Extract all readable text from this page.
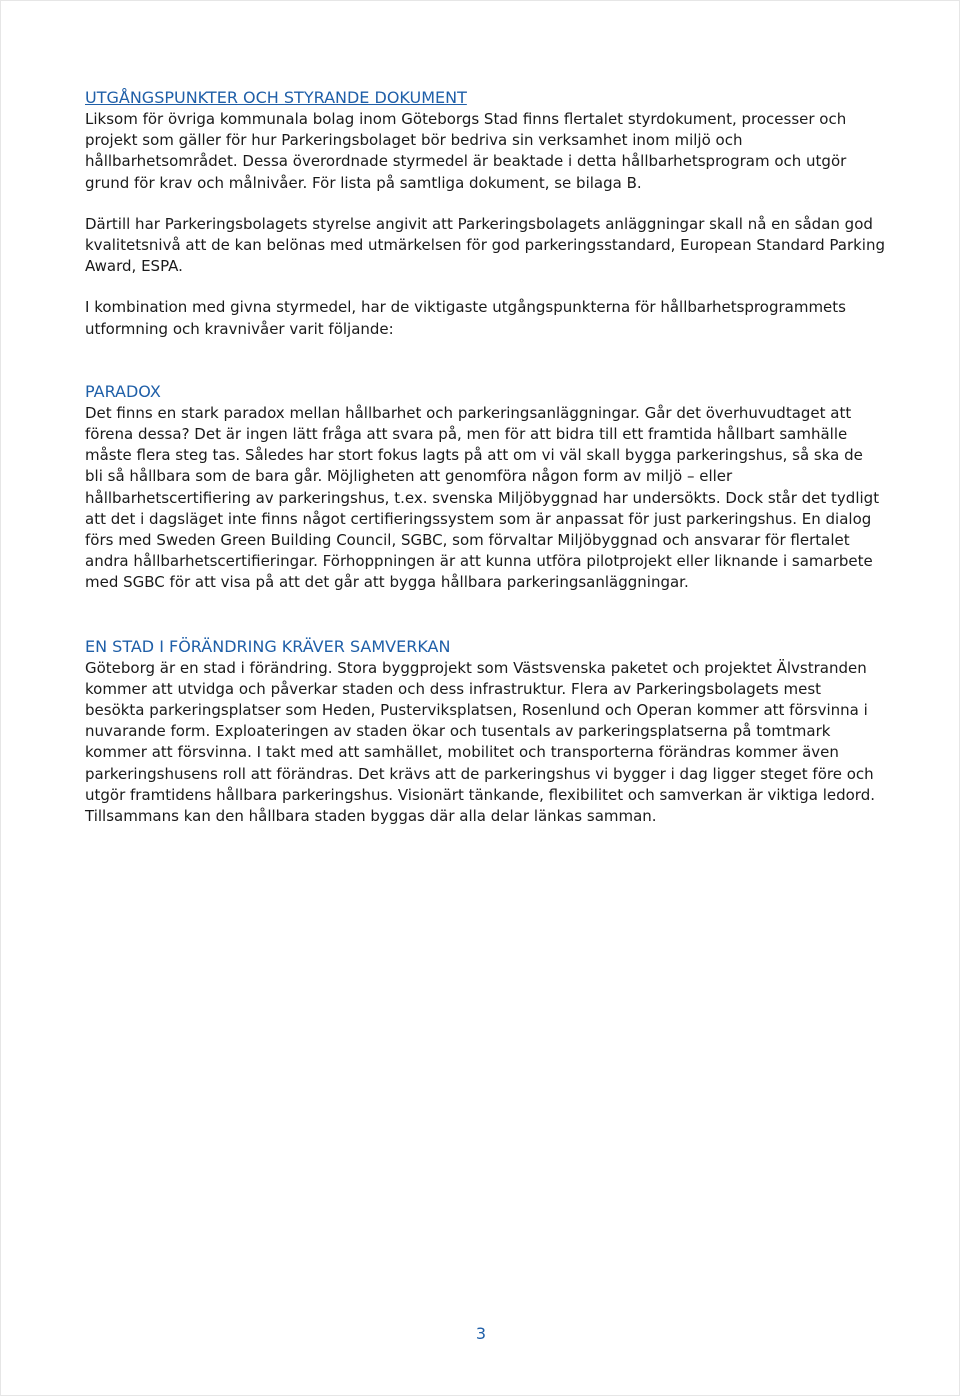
UTGÅNGSPUNKTER OCH STYRANDE DOKUMENT

Liksom för övriga kommunala bolag inom Göteborgs Stad finns flertalet styrdokument, processer och projekt som gäller för hur Parkeringsbolaget bör bedriva sin verksamhet inom miljö och hållbarhetsområdet. Dessa överordnade styrmedel är beaktade i detta hållbarhetsprogram och utgör grund för krav och målnivåer. För lista på samtliga dokument, se bilaga B.

Därtill har Parkeringsbolagets styrelse angivit att Parkeringsbolagets anläggningar skall nå en sådan god kvalitetsnivå att de kan belönas med utmärkelsen för god parkeringsstandard, European Standard Parking Award, ESPA.

I kombination med givna styrmedel, har de viktigaste utgångspunkterna för hållbarhetsprogrammets utformning och kravnivåer varit följande:

PARADOX

Det finns en stark paradox mellan hållbarhet och parkeringsanläggningar. Går det överhuvudtaget att förena dessa? Det är ingen lätt fråga att svara på, men för att bidra till ett framtida hållbart samhälle måste flera steg tas. Således har stort fokus lagts på att om vi väl skall bygga parkeringshus, så ska de bli så hållbara som de bara går. Möjligheten att genomföra någon form av miljö – eller hållbarhetscertifiering av parkeringshus, t.ex. svenska Miljöbyggnad har undersökts. Dock står det tydligt att det i dagsläget inte finns något certifieringssystem som är anpassat för just parkeringshus. En dialog förs med Sweden Green Building Council, SGBC, som förvaltar Miljöbyggnad och ansvarar för flertalet andra hållbarhetscertifieringar. Förhoppningen är att kunna utföra pilotprojekt eller liknande i samarbete med SGBC för att visa på att det går att bygga hållbara parkeringsanläggningar.

EN STAD I FÖRÄNDRING KRÄVER SAMVERKAN

Göteborg är en stad i förändring. Stora byggprojekt som Västsvenska paketet och projektet Älvstranden kommer att utvidga och påverkar staden och dess infrastruktur. Flera av Parkeringsbolagets mest besökta parkeringsplatser som Heden, Pusterviksplatsen, Rosenlund och Operan kommer att försvinna i nuvarande form. Exploateringen av staden ökar och tusentals av parkeringsplatserna på tomtmark kommer att försvinna. I takt med att samhället, mobilitet och transporterna förändras kommer även parkeringshusens roll att förändras. Det krävs att de parkeringshus vi bygger i dag ligger steget före och utgör framtidens hållbara parkeringshus. Visionärt tänkande, flexibilitet och samverkan är viktiga ledord. Tillsammans kan den hållbara staden byggas där alla delar länkas samman.

3
